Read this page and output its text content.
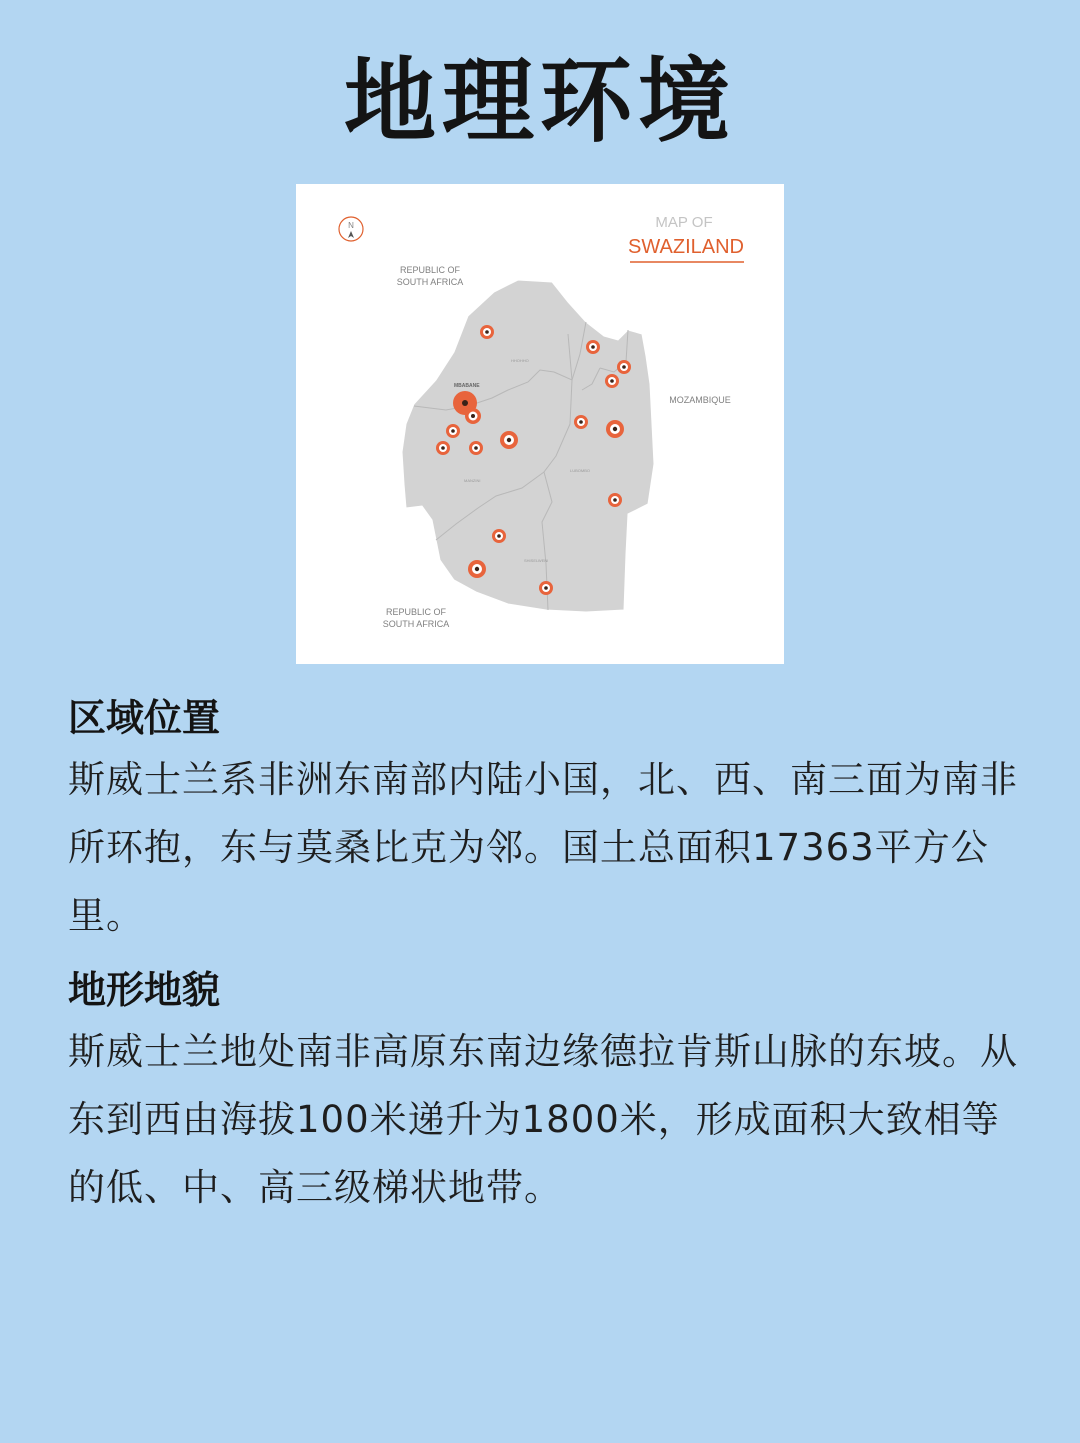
地理环境
N	MAP OF
SWAZILAND
REPUBLIC OF
SOUTH AFRICA
MOZAMBIQUE
REPUBLIC OF
SOUTH AFRICA
HHOHHO
MANZINI
LUBOMBO
SHISELWENI
MBABANE
区域位置
斯威士兰系非洲东南部内陆小国，北、西、南三面为南非所环抱，东与莫桑比克为邻。国土总面积17363平方公里。
地形地貌
斯威士兰地处南非高原东南边缘德拉肯斯山脉的东坡。从东到西由海拔100米递升为1800米，形成面积大致相等的低、中、高三级梯状地带。
